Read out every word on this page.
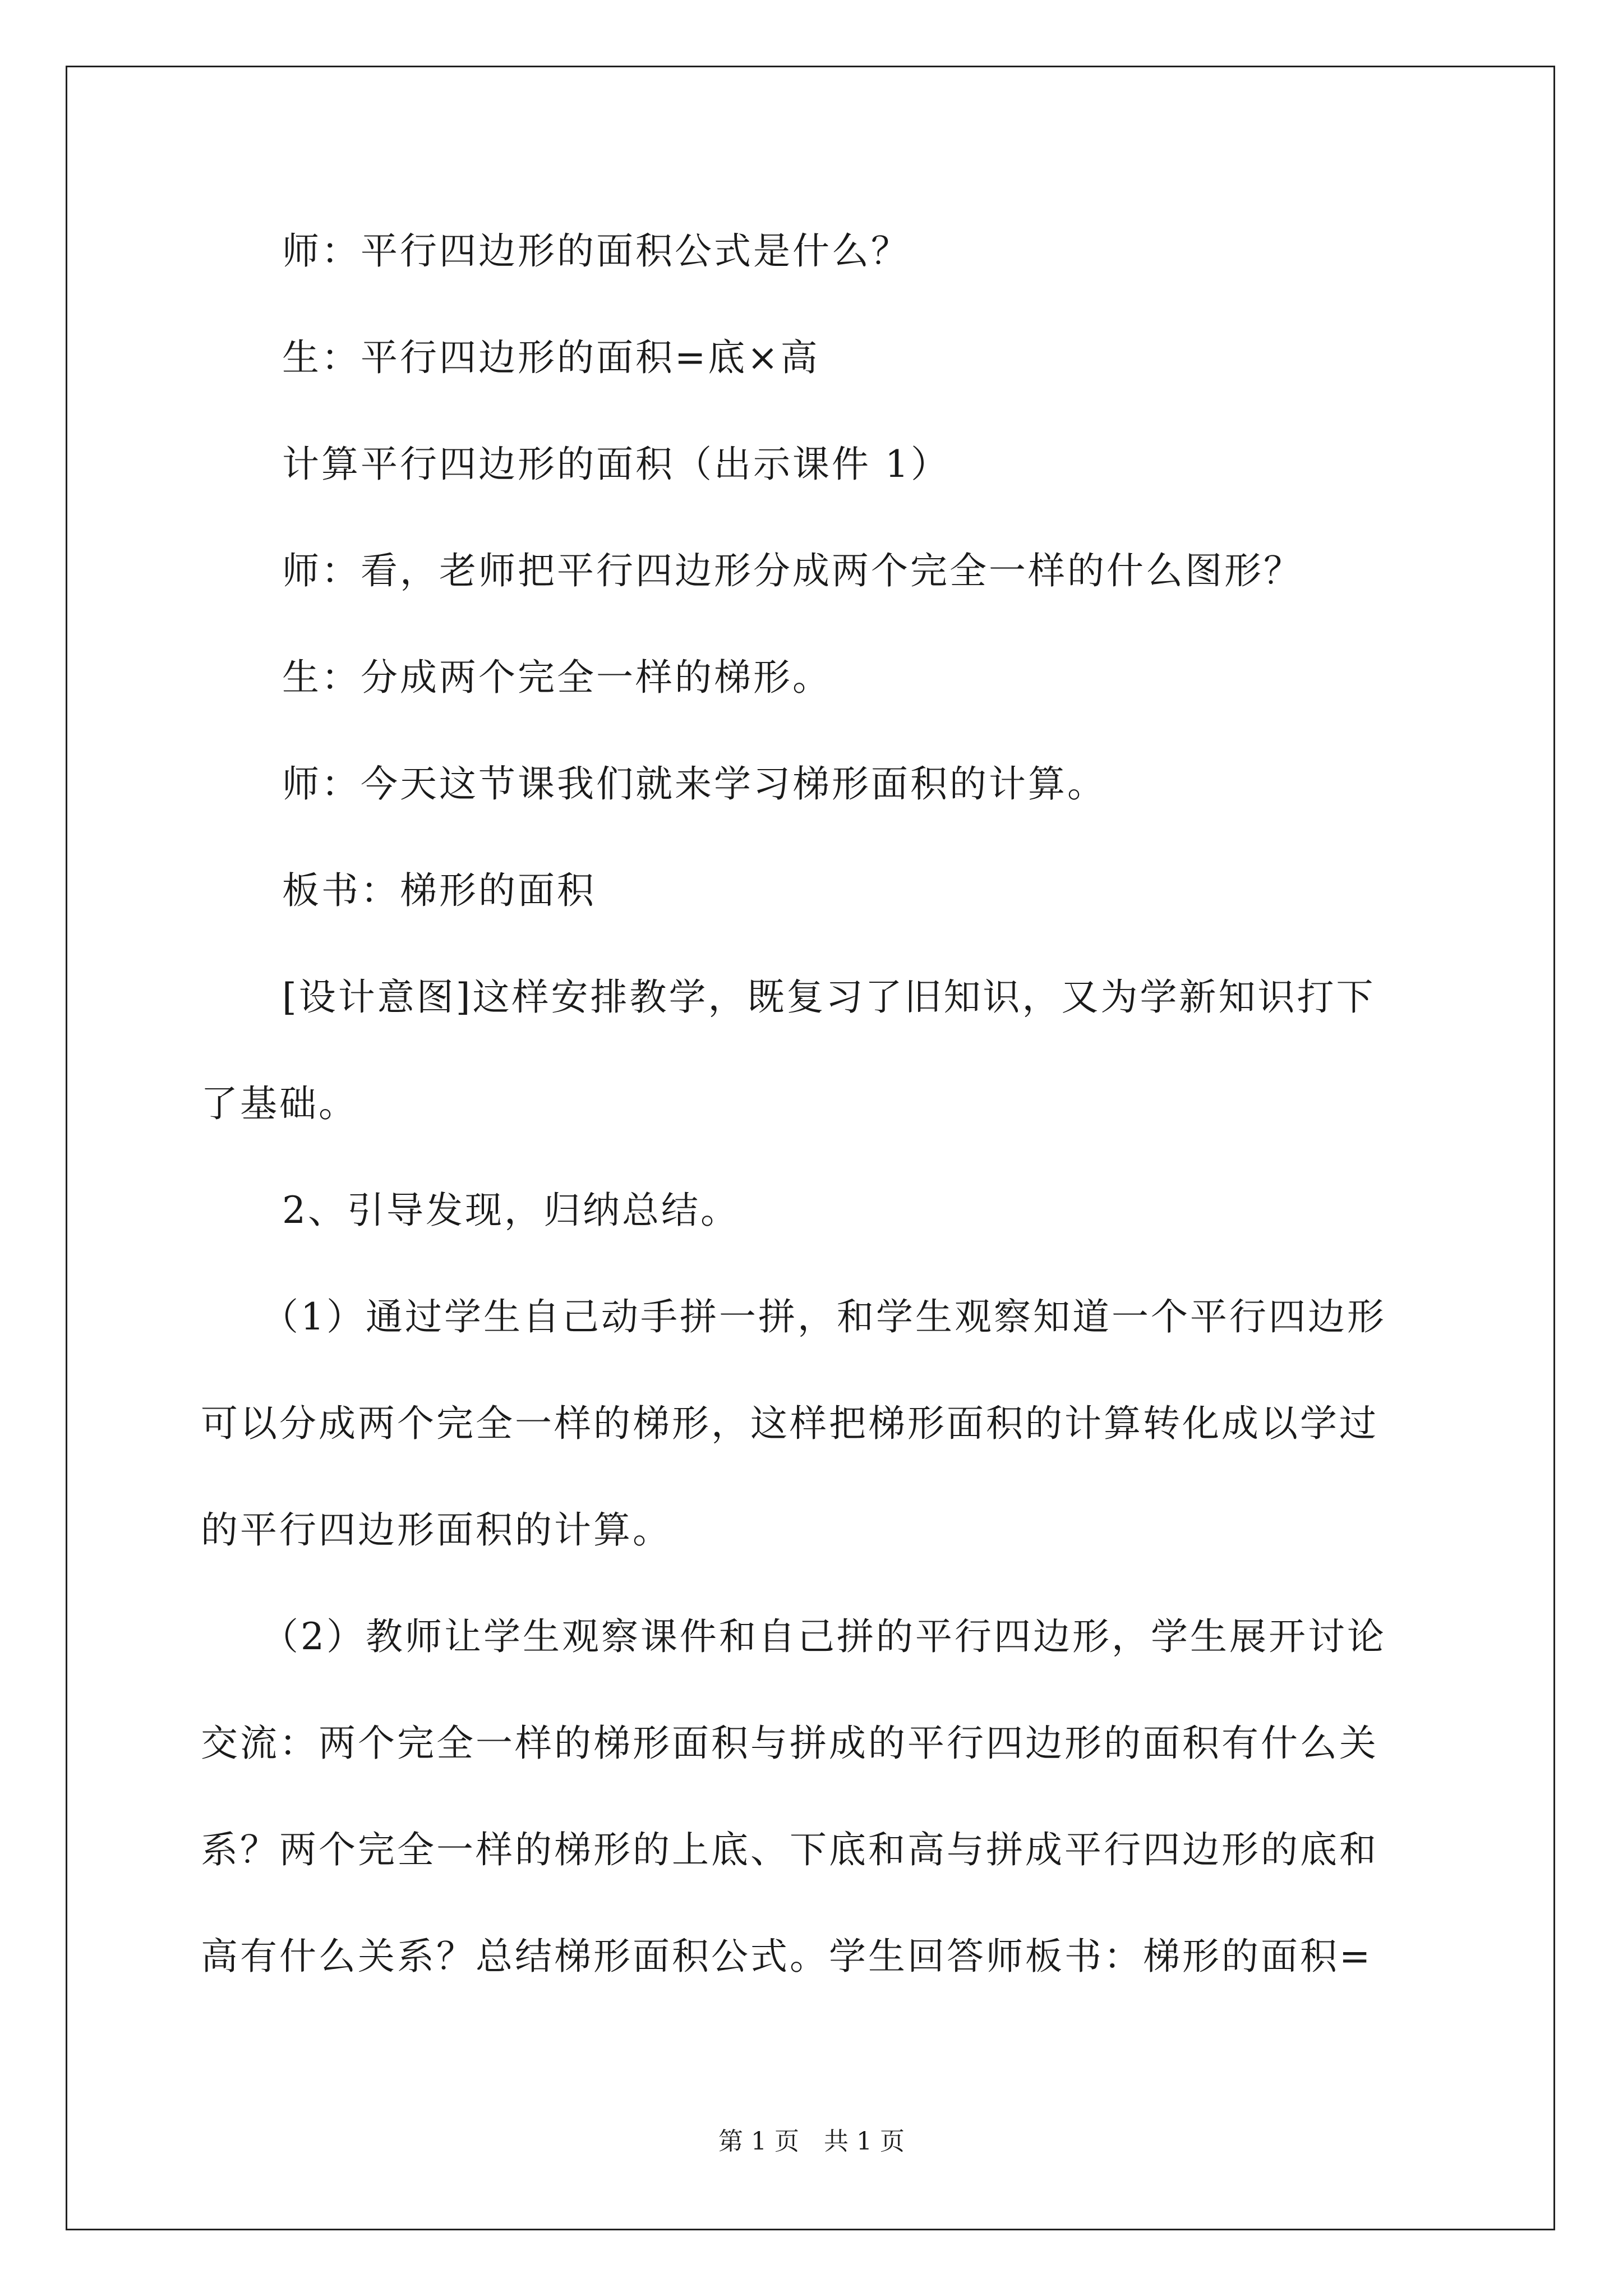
师：平行四边形的面积公式是什么？
生：平行四边形的面积=底×高
计算平行四边形的面积（出示课件 1）
师：看，老师把平行四边形分成两个完全一样的什么图形？
生：分成两个完全一样的梯形。
师：今天这节课我们就来学习梯形面积的计算。
板书：梯形的面积
[设计意图]这样安排教学，既复习了旧知识，又为学新知识打下
了基础。
2、引导发现，归纳总结。
（1）通过学生自己动手拼一拼，和学生观察知道一个平行四边形
可以分成两个完全一样的梯形，这样把梯形面积的计算转化成以学过
的平行四边形面积的计算。
（2）教师让学生观察课件和自己拼的平行四边形，学生展开讨论
交流：两个完全一样的梯形面积与拼成的平行四边形的面积有什么关
系？两个完全一样的梯形的上底、下底和高与拼成平行四边形的底和
高有什么关系？总结梯形面积公式。学生回答师板书：梯形的面积=
第 1 页　共 1 页
